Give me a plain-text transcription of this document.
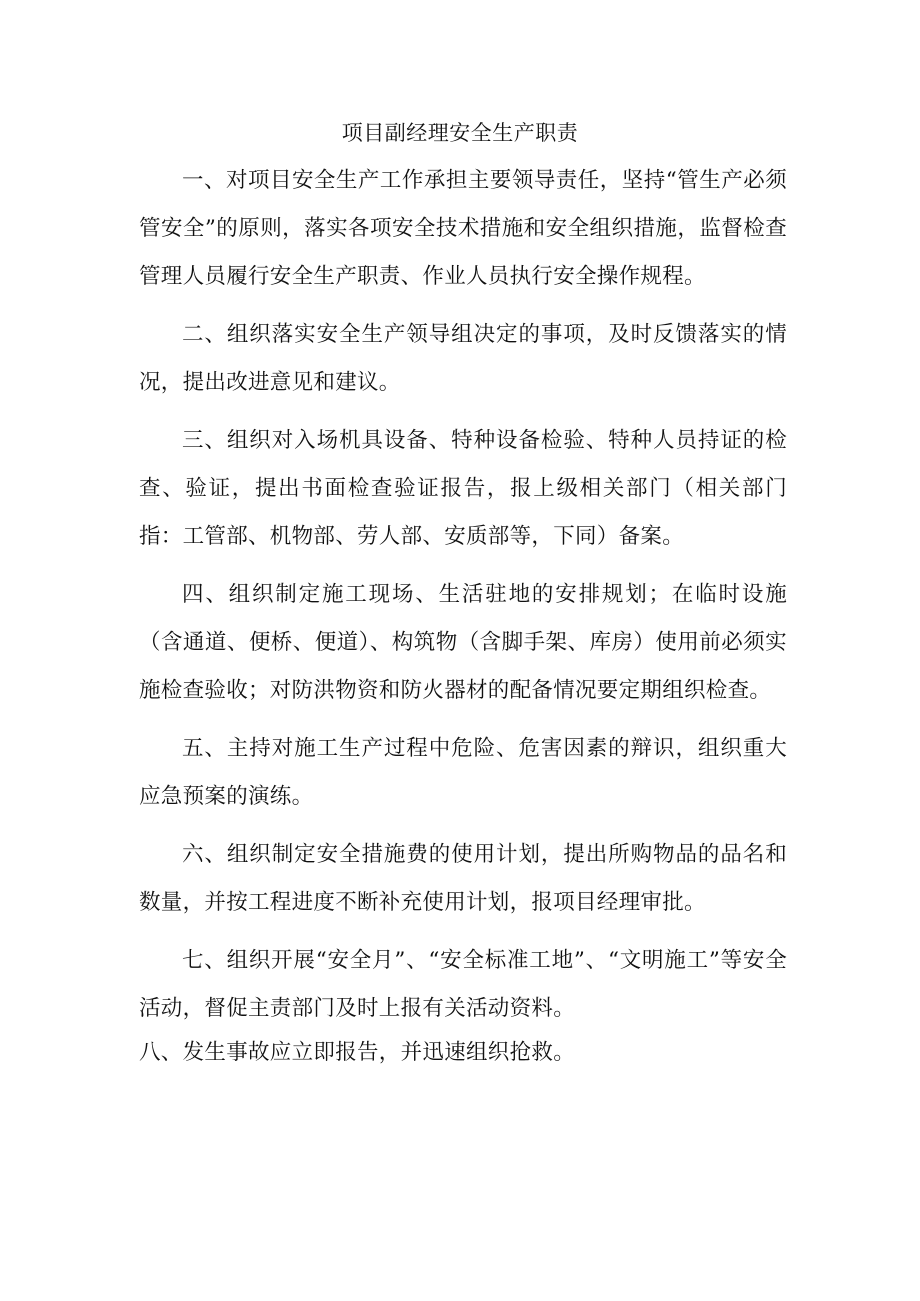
项目副经理安全生产职责

一、对项目安全生产工作承担主要领导责任，坚持“管生产必须管安全”的原则，落实各项安全技术措施和安全组织措施，监督检查管理人员履行安全生产职责、作业人员执行安全操作规程。

二、组织落实安全生产领导组决定的事项，及时反馈落实的情况，提出改进意见和建议。

三、组织对入场机具设备、特种设备检验、特种人员持证的检查、验证，提出书面检查验证报告，报上级相关部门（相关部门指：工管部、机物部、劳人部、安质部等，下同）备案。

四、组织制定施工现场、生活驻地的安排规划；在临时设施（含通道、便桥、便道）、构筑物（含脚手架、库房）使用前必须实施检查验收；对防洪物资和防火器材的配备情况要定期组织检查。

五、主持对施工生产过程中危险、危害因素的辩识，组织重大应急预案的演练。

六、组织制定安全措施费的使用计划，提出所购物品的品名和数量，并按工程进度不断补充使用计划，报项目经理审批。

七、组织开展“安全月”、“安全标准工地”、“文明施工”等安全活动，督促主责部门及时上报有关活动资料。

八、发生事故应立即报告，并迅速组织抢救。
